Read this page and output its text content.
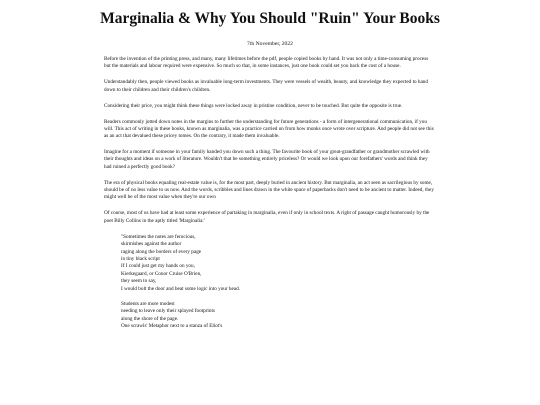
Marginalia & Why You Should "Ruin" Your Books
7th November, 2022

Before the invention of the printing press, and many, many lifetimes before the pdf, people copied books by hand. It was not only a time-consuming process but the materials and labour required were expensive. So much so that, in some instances, just one book could set you back the cost of a house.

Understandably then, people viewed books as invaluable long-term investments. They were vessels of wealth, beauty, and knowledge they expected to hand down to their children and their children's children.

Considering their price, you might think these things were locked away in pristine condition, never to be touched. But quite the opposite is true.

Readers commonly jotted down notes in the margins to further the understanding for future generations - a form of intergenerational communication, if you will. This act of writing in these books, known as marginalia, was a practice carried on from how monks once wrote over scripture. And people did not see this as an act that devalued these pricey tomes. On the contrary, it made them invaluable.

Imagine for a moment if someone in your family handed you down such a thing. The favourite book of your great-grandfather or grandmother scrawled with their thoughts and ideas on a work of literature. Wouldn't that be something entirely priceless? Or would we look upon our forefathers' words and think they had ruined a perfectly good book?

The era of physical books equaling real-estate value is, for the most part, deeply buried in ancient history. But marginalia, an act seen as sacrilegious by some, should be of no less value to us now. And the words, scribbles and lines drawn in the white space of paperbacks don't need to be ancient to matter. Indeed, they might well be of the most value when they're our own

Of course, most of us have had at least some experience of partaking in marginalia, even if only in school texts. A right of passage caught humorously by the poet Billy Collins in the aptly titled 'Marginalia:'

"Sometimes the notes are ferocious,
skirmishes against the author
raging along the borders of every page
in tiny black script
If I could just get my hands on you,
Kierkegaard, or Conor Cruise O'Brien,
they seem to say,
I would bolt the door and beat some logic into your head.
Students are more modest
needing to leave only their splayed footprints
along the shore of the page.
One scrawls' Metaphor next to a stanza of Eliot's
